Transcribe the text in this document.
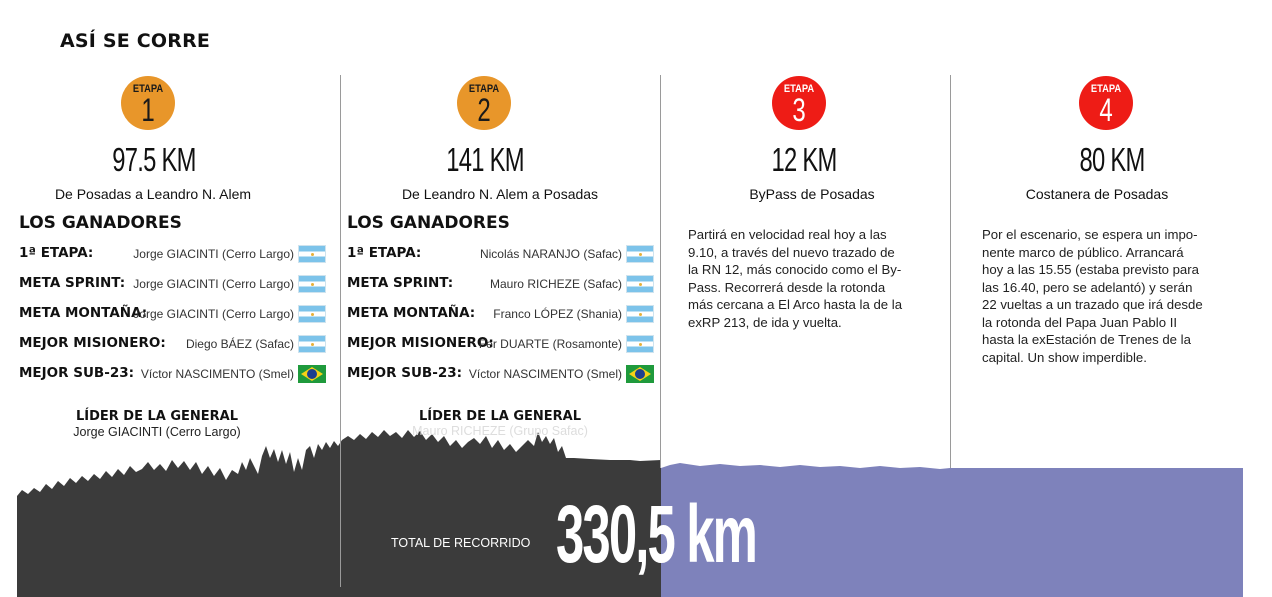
ASÍ SE CORRE
ETAPA
1
97.5 KM
De Posadas a Leandro N. Alem
LOS GANADORES
1ª ETAPA:	Jorge GIACINTI (Cerro Largo)
META SPRINT: Jorge GIACINTI (Cerro Largo)
META MONTAÑA:
Jorge GIACINTI (Cerro Largo)
MEJOR MISIONERO: Diego BÁEZ (Safac)
MEJOR SUB-23: Víctor NASCIMENTO (Smel)
LÍDER DE LA GENERAL
Jorge GIACINTI (Cerro Largo)
ETAPA
2
141 KM
De Leandro N. Alem a Posadas
LOS GANADORES
1ª ETAPA:	Nicolás NARANJO (Safac)
META SPRINT:	Mauro RICHEZE (Safac)
META MONTAÑA: Franco LÓPEZ (Shania)
MEJOR MISIONERO:
Fer DUARTE (Rosamonte)
MEJOR SUB-23: Víctor NASCIMENTO (Smel)
LÍDER DE LA GENERAL
Mauro RICHEZE (Grupo Safac)
ETAPA
3
12 KM
ByPass de Posadas
Partirá en velocidad real hoy a las
9.10, a través del nuevo trazado de
la RN 12, más conocido como el By-
Pass. Recorrerá desde la rotonda
más cercana a El Arco hasta la de la
exRP 213, de ida y vuelta.
ETAPA
4
80 KM
Costanera de Posadas
Por el escenario, se espera un impo-
nente marco de público. Arrancará
hoy a las 15.55 (estaba previsto para
las 16.40, pero se adelantó) y serán
22 vueltas a un trazado que irá desde
la rotonda del Papa Juan Pablo II
hasta la exEstación de Trenes de la
capital. Un show imperdible.
TOTAL DE RECORRIDO 330,5 km
